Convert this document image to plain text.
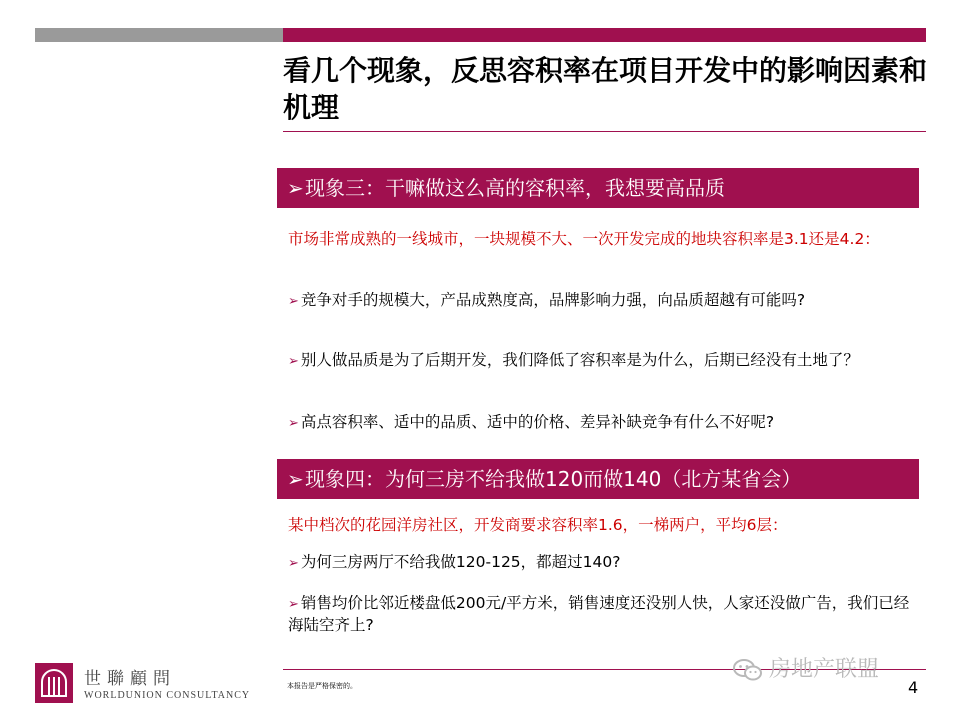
看几个现象，反思容积率在项目开发中的影响因素和机理
➢现象三：干嘛做这么高的容积率，我想要高品质
市场非常成熟的一线城市，一块规模不大、一次开发完成的地块容积率是3.1还是4.2：
➢ 竞争对手的规模大，产品成熟度高，品牌影响力强，向品质超越有可能吗?
➢ 别人做品质是为了后期开发，我们降低了容积率是为什么，后期已经没有土地了？
➢ 高点容积率、适中的品质、适中的价格、差异补缺竞争有什么不好呢?
➢现象四：为何三房不给我做120而做140（北方某省会）
某中档次的花园洋房社区，开发商要求容积率1.6，一梯两户，平均6层：
➢ 为何三房两厅不给我做120-125，都超过140?
➢ 销售均价比邻近楼盘低200元/平方米，销售速度还没别人快，人家还没做广告，我们已经海陆空齐上?
世聯顧問
WORLDUNION CONSULTANCY
本报告是严格保密的。
房地产联盟
4
